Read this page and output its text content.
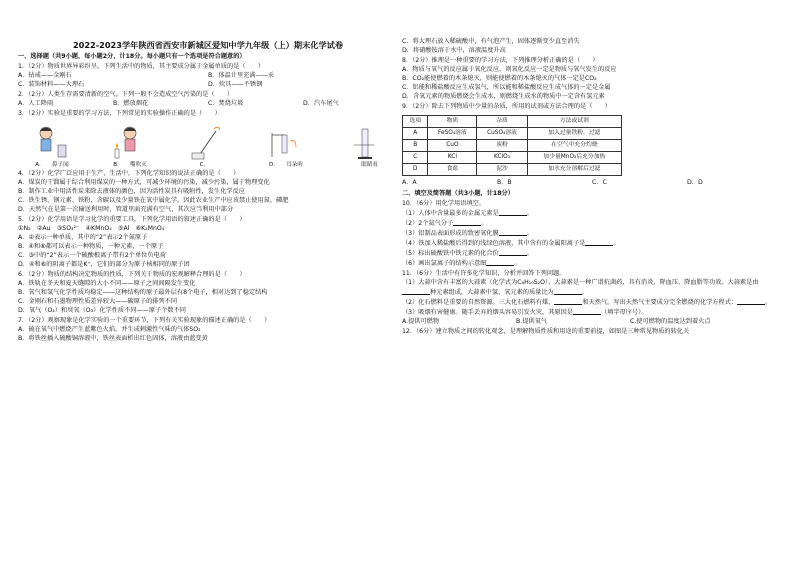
2022-2023学年陕西省西安市新城区爱知中学九年级（上）期末化学试卷
一、选择题（共9小题，每小题2分，计18分。每小题只有一个选项是符合题意的）
1．（2分）物质世界异彩纷呈。下列生活中的物质，其主要成分属于金属单质的是（　　）
A．钻戒——金刚石	B．体温计里充满——汞
C．装饰材料——大理石	D．炊具——不锈钢
2．（2分）人类生存需要清新的空气。下列一般不会造成空气污染的是（　　）
A．人工降雨	B．燃放烟花	C．焚烧垃圾	D．汽车尾气
3．（2分）实验是重要的学习方法，下列常见的实验操作正确的是（　　）
A.　　鼻子闻	B.　　嘴吹灭	C.　　	D.　　耳朵听	　　眼睛看
4．（2分）化学广泛应用于生产、生活中，下列化学知识的说法正确的是（　　）
A．煤炭的干馏属于综合利用煤炭的一种方式，可减少环境的污染，减少污染，属于物理变化
B．制作工业中用活性炭来除去液体的颜色，因为活性炭具有吸附性，发生化学反应
C．铁生锈、钢元素、铁粉，含碳以及少量铁在氧中属化学，因此农业生产中应该禁止使用氮、磷肥
D．天然气在是第一次输送利用时，管道里面充满有空气，其次应当利用中部分
5．（2分）化学用语是学习化学的重要工具。下列化学用语的叙述正确的是（　　）
①N₂　②Au　③SO₄²⁻　④KMnO₄　⑤Al　⑥K₂MnO₄
A．②表示一种单质，其中的“2”表示2个氮原子
B．④和⑥都可以表示一种物质，一种元素，一个原子
C．③中的“2”表示一个硫酸根离子带有2个单位负电荷
D．④和⑥的阴离子都是K⁺，它们的部分为原子核相同的原子团
6．（2分）物质的结构决定物质的性质，下列关于物质的宏观解释合理的是（　　）
A．铁轨在冬天和夏天缝隙的大小不同——原子之间间隔发生变化
B．氧气和氢气化学性质均稳定——这种结构的原子最外层有8个电子，相对达到了稳定结构
C．金刚石和石墨物理性质差异较大——碳原子的排列不同
D．氧气（O₂）和臭氧（O₃）化学性质不同——原子个数不同
7．（2分）观察现象是化学实验的一个重要环节，下列有关实验现象的描述正确的是（　　）
A．硫在氧气中燃烧产生蓝紫色火焰，并生成刺激性气味的气体SO₂
B．将铁丝插入硫酸铜溶液中，铁丝表面析出红色固体，溶液由蓝变黄
C．将大理石放入稀硫酸中，有气泡产生，固体逐渐变少直至消失
D．将硝酸铵溶于水中，溶液温度升高
8．（2分）推理是一种重要的学习方法，下列推理分析正确的是（　　）
A．物质与氧气的反应属于氧化反应，则氧化反应一定是物质与氧气发生的反应
B．CO₂能使燃着的木条熄灭，则能使燃着的木条熄灭的气体一定是CO₂
C．铝能和稀盐酸反应生成氢气，所以能和稀盐酸反应生成气体的一定是金属
D．含氧元素的物质燃烧会生成水，则燃烧生成水的物质中一定含有氢元素
9．（2分）除去下列物质中少量的杂质，所用的试剂或方法合理的是（　　）
选项	物质	杂质	方法或试剂
A	FeSO₄溶液	CuSO₄溶液	加入过量铁粉，过滤
B	CuO	炭粉	在空气中充分灼烧
C	KCl	KClO₃	加少量MnO₂后充分加热
D	食盐	泥沙	加水充分溶解后过滤
A．A	B．B	C．C	D．D
二、填空及简答题（共3小题，计18分）
10．（6分）用化学用语填空。
（1）人体中含量最多的金属元素是	。
（2）2个氦气分子	。
（3）铝制品表面形成的致密氧化膜	。
（4）铁加入稀盐酸后得到的浅绿色溶液，其中含有的金属阳离子是	。
（5）标出硫酸铁中铁元素的化合价	。
（6）画出氯离子的结构示意图	。
11．（6分）生活中有许多化学知识，分析并回答下列问题。
（1）大蒜中含有丰富的大蒜素（化学式为C₆H₁₀S₂O），大蒜素是一种广谱抗菌药，具有消炎、降血压、降血脂等功效。大蒜素是由种元素组成，大蒜素中氢、氧元素的质量比为	。
（2）化石燃料是重要的自然资源。三大化石燃料有煤、	和天然气。写出天然气主要成分完全燃烧的化学方程式：	。
（3）吸烟有害健康。随手丢弃的烟头容易引发火灾，其原因是	（填字母序号）。
A.提供可燃物	B.提供氧气	C.使可燃物的温度达到着火点
12．（6分）建立物质之间的转化观念，是理解物质性质和用途的重要前提，如图是三种常见物质的转化关
